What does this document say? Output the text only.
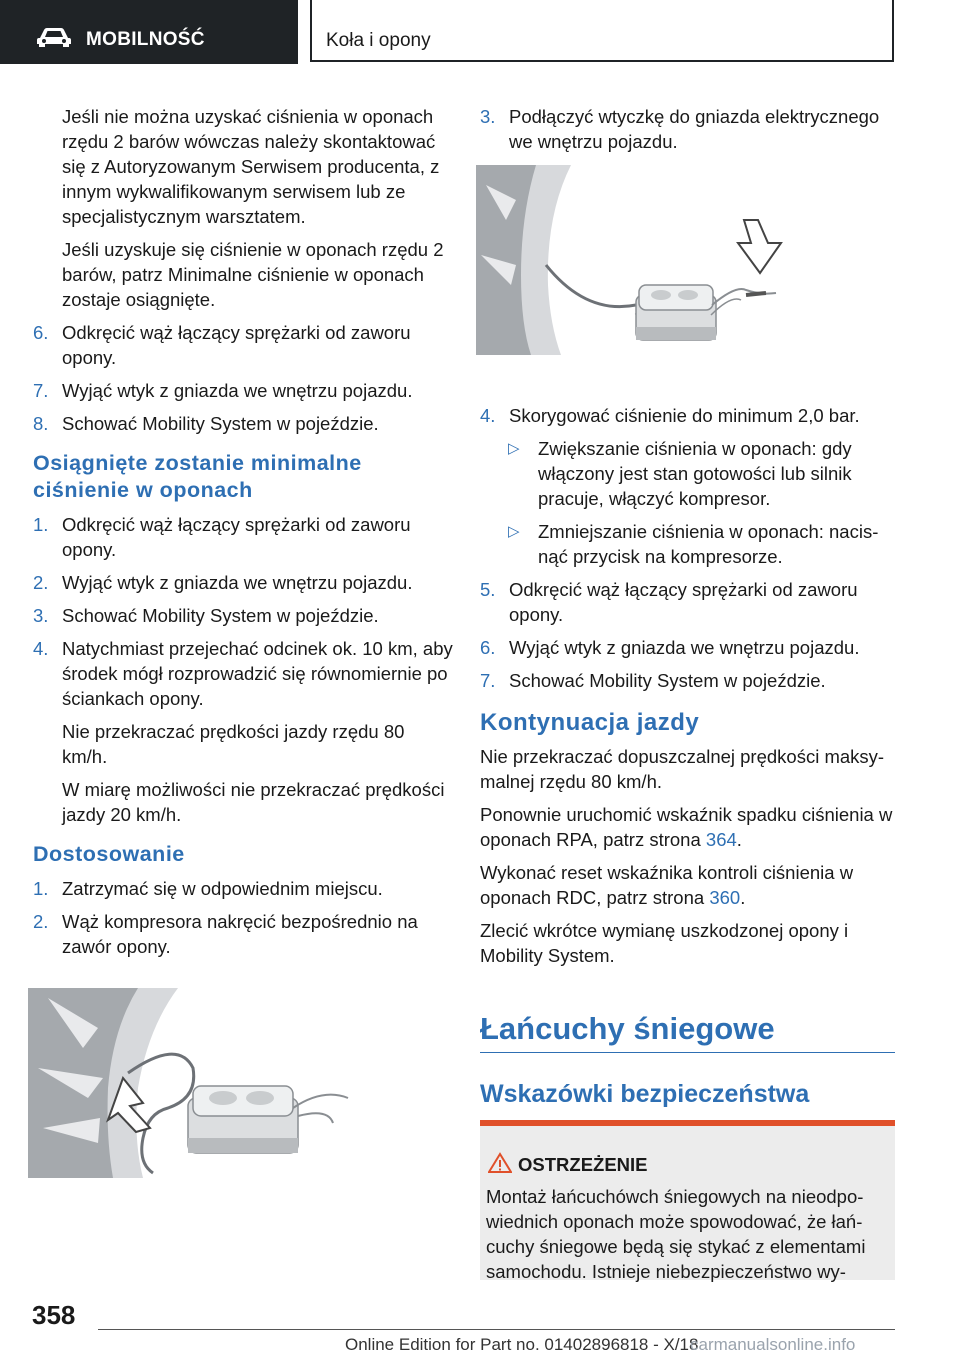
MOBILNOŚĆ	Koła i opony

Jeśli nie można uzyskać ciśnienia w oponach rzędu 2 barów wówczas należy skontaktować się z Autoryzowanym Serwisem producenta, z innym wykwalifikowanym serwisem lub ze specjalistycznym warsztatem.

Jeśli uzyskuje się ciśnienie w oponach rzędu 2 barów, patrz Minimalne ciśnienie w oponach zostaje osiągnięte.

6. Odkręcić wąż łączący sprężarki od zaworu opony.
7. Wyjąć wtyk z gniazda we wnętrzu pojazdu.
8. Schować Mobility System w pojeździe.
Osiągnięte zostanie minimalne ciśnienie w oponach
1. Odkręcić wąż łączący sprężarki od zaworu opony.
2. Wyjąć wtyk z gniazda we wnętrzu pojazdu.
3. Schować Mobility System w pojeździe.
4. Natychmiast przejechać odcinek ok. 10 km, aby środek mógł rozprowadzić się równomiernie po ściankach opony.

Nie przekraczać prędkości jazdy rzędu 80 km/h.

W miarę możliwości nie przekraczać prędkości jazdy 20 km/h.

Dostosowanie
1. Zatrzymać się w odpowiednim miejscu.
2. Wąż kompresora nakręcić bezpośrednio na zawór opony.
3. Podłączyć wtyczkę do gniazda elektrycznego we wnętrzu pojazdu.
4. Skorygować ciśnienie do minimum 2,0 bar.
▷ Zwiększanie ciśnienia w oponach: gdy włączony jest stan gotowości lub silnik pracuje, włączyć kompresor.
▷ Zmniejszanie ciśnienia w oponach: nacisnąć przycisk na kompresorze.
5. Odkręcić wąż łączący sprężarki od zaworu opony.
6. Wyjąć wtyk z gniazda we wnętrzu pojazdu.
7. Schować Mobility System w pojeździe.
Kontynuacja jazdy

Nie przekraczać dopuszczalnej prędkości maksymalnej rzędu 80 km/h.

Ponownie uruchomić wskaźnik spadku ciśnienia w oponach RPA, patrz strona 364.

Wykonać reset wskaźnika kontroli ciśnienia w oponach RDC, patrz strona 360.

Zlecić wkrótce wymianę uszkodzonej opony i Mobility System.

Łańcuchy śniegowe
Wskazówki bezpieczeństwa
OSTRZEŻENIE
Montaż łańcuchówch śniegowych na nieodpowiednich oponach może spowodować, że łańcuchy śniegowe będą się stykać z elementami samochodu. Istnieje niebezpieczeństwo wy-
358
Online Edition for Part no. 01402896818 - X/18
carmanualsonline.info
